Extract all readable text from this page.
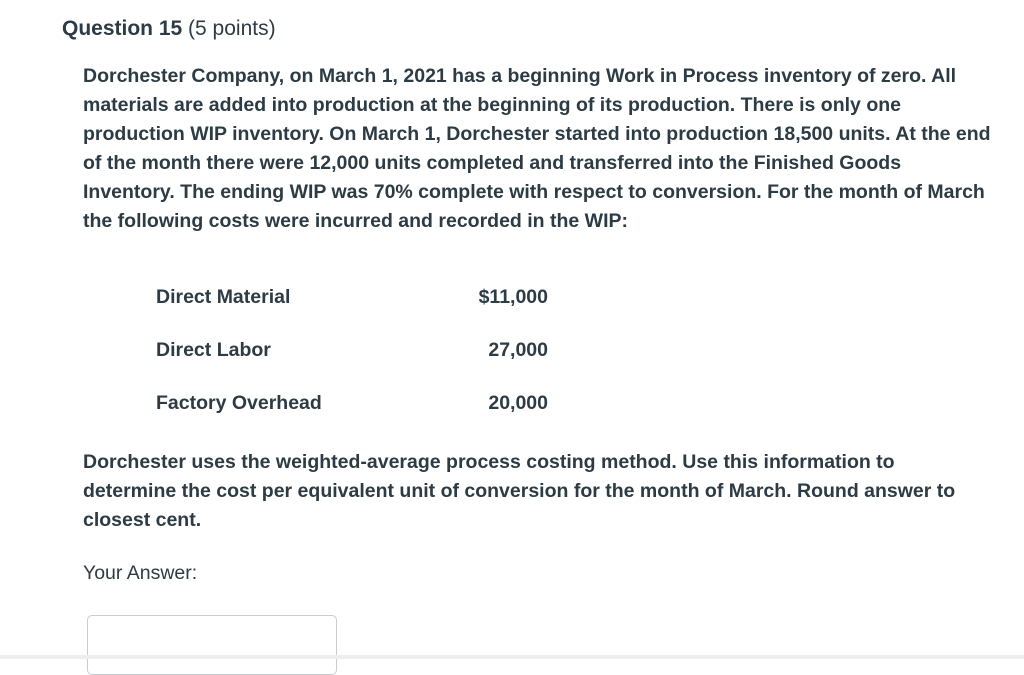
Question 15 (5 points)
Dorchester Company, on March 1, 2021 has a beginning Work in Process inventory of zero. All materials are added into production at the beginning of its production. There is only one production WIP inventory. On March 1, Dorchester started into production 18,500 units. At the end of the month there were 12,000 units completed and transferred into the Finished Goods Inventory. The ending WIP was 70% complete with respect to conversion. For the month of March the following costs were incurred and recorded in the WIP:
Direct Material	$11,000
Direct Labor	27,000
Factory Overhead	20,000
Dorchester uses the weighted-average process costing method. Use this information to determine the cost per equivalent unit of conversion for the month of March. Round answer to closest cent.
Your Answer:
